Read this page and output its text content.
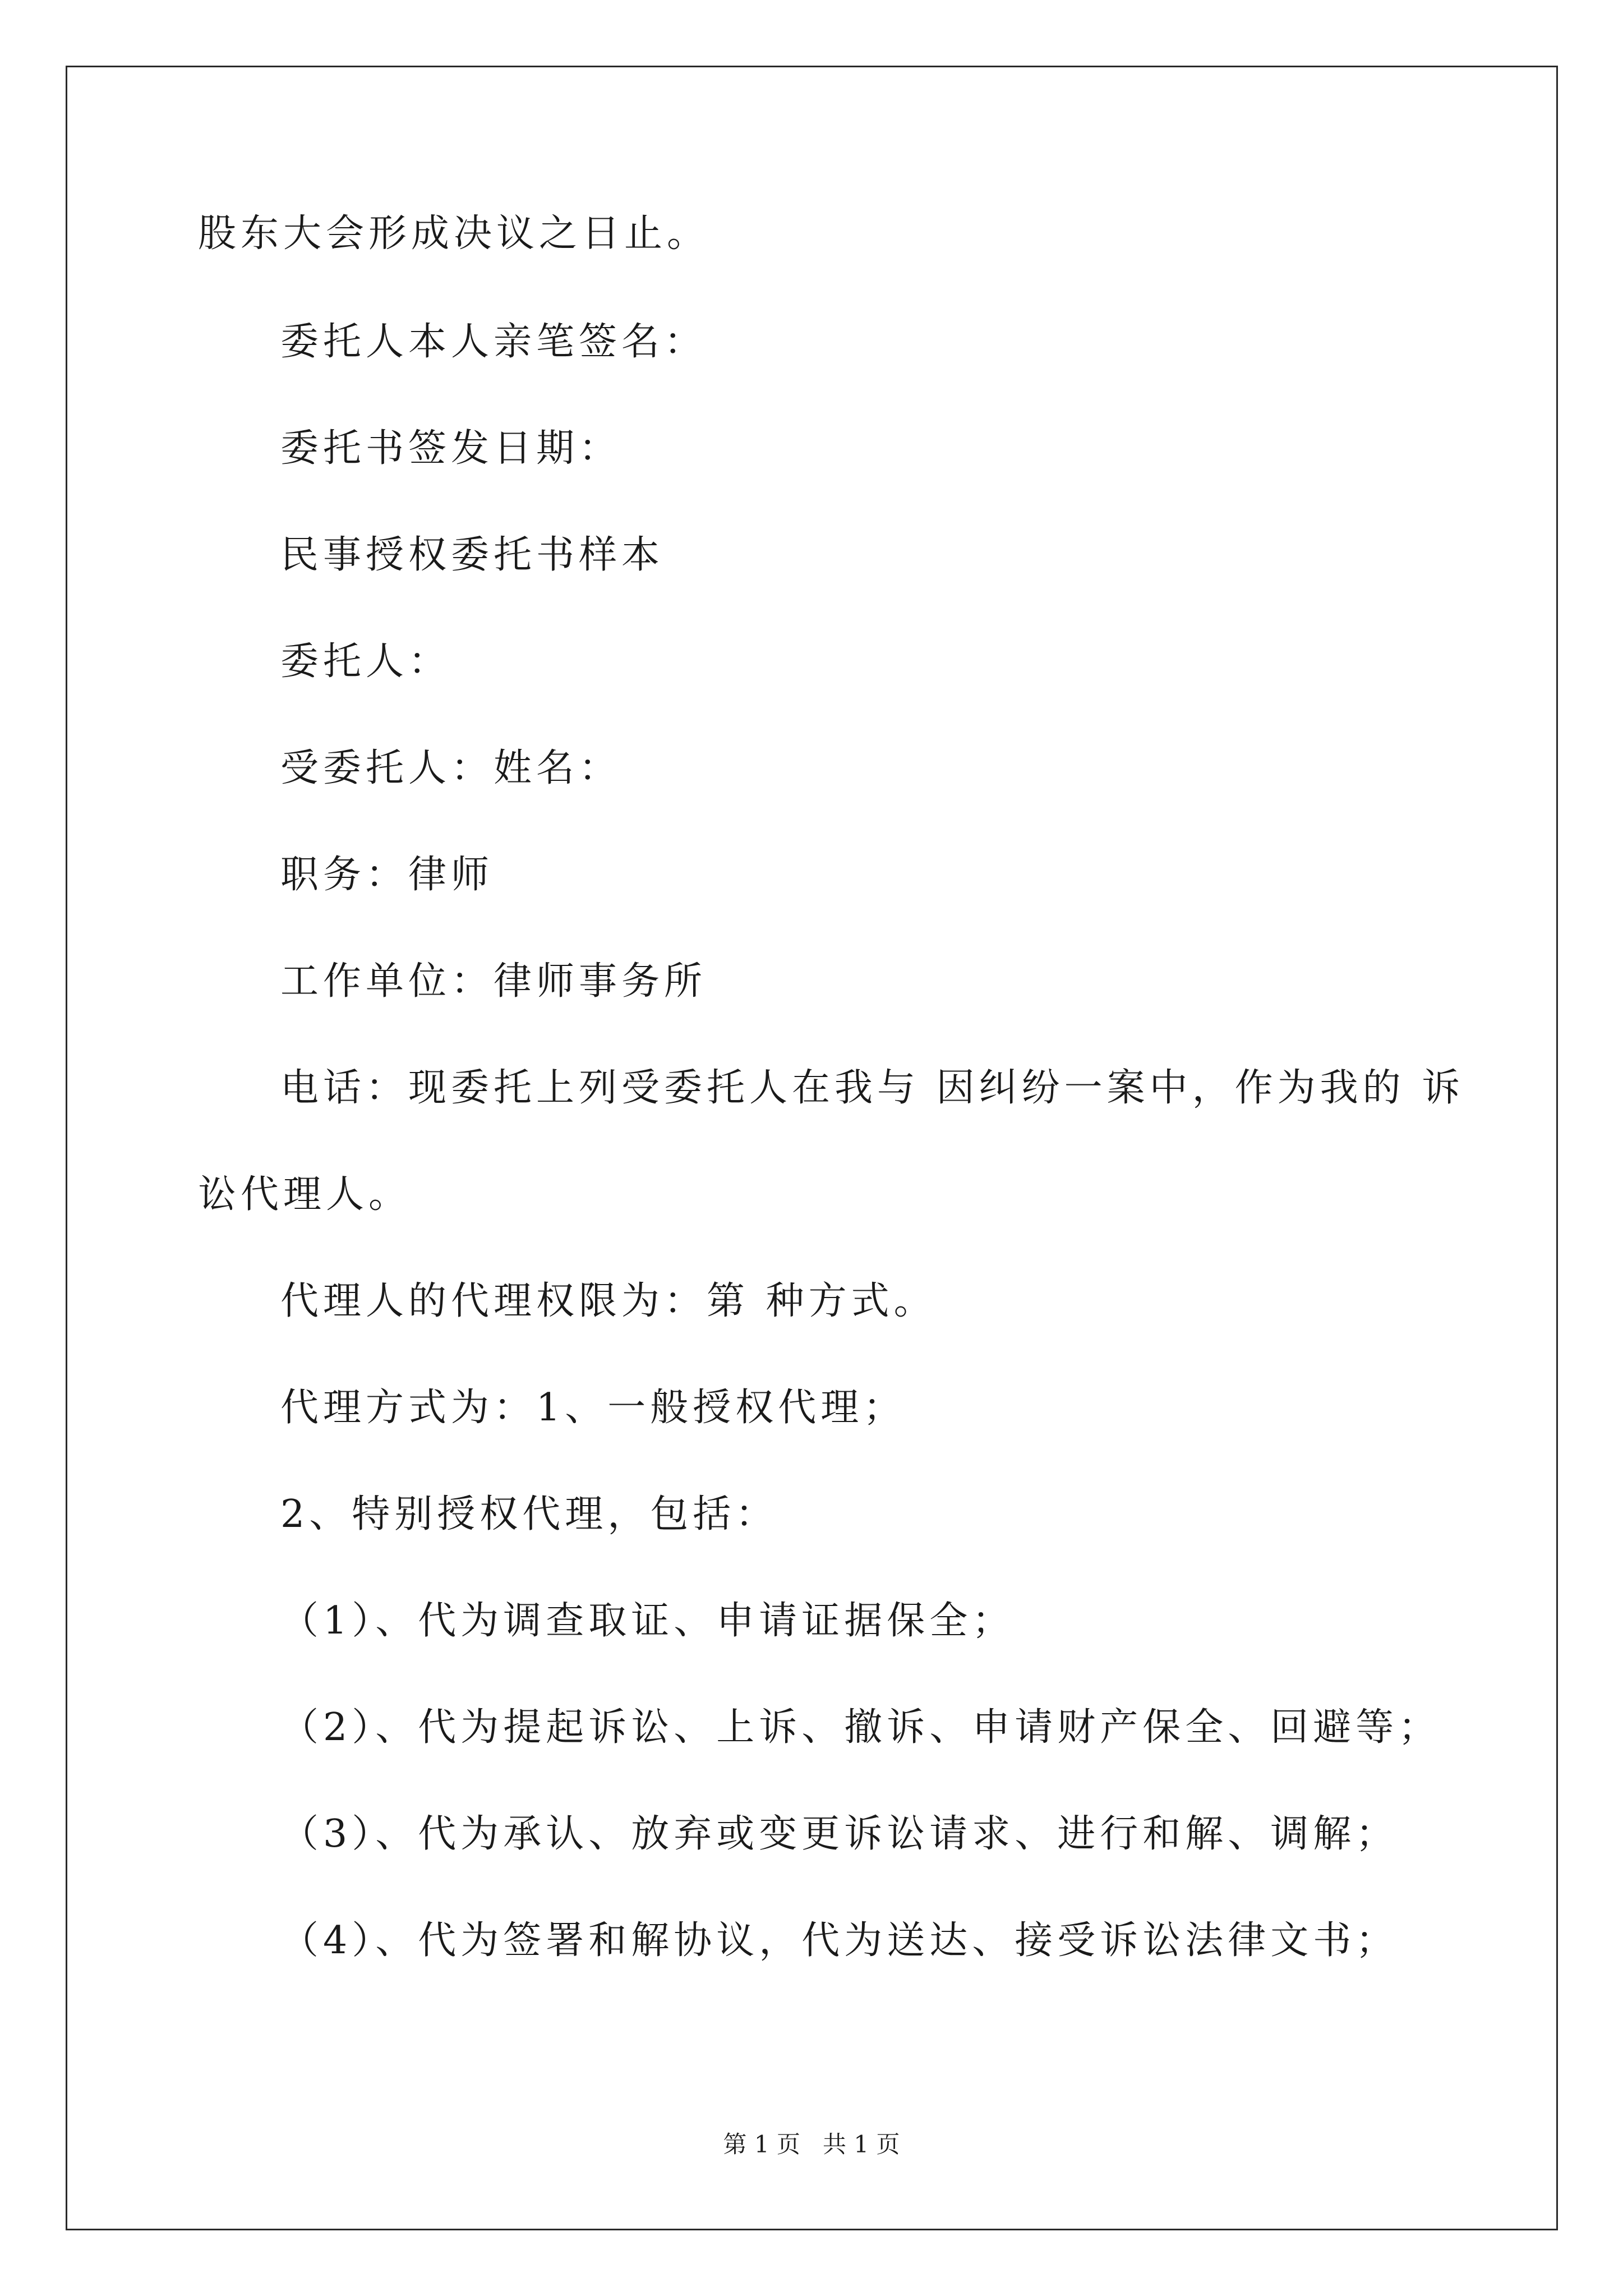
股东大会形成决议之日止。
委托人本人亲笔签名：
委托书签发日期：
民事授权委托书样本
委托人：
受委托人：姓名：
职务：律师
工作单位：律师事务所
电话：现委托上列受委托人在我与 因纠纷一案中，作为我的 诉
讼代理人。
代理人的代理权限为：第 种方式。
代理方式为：1、一般授权代理；
2、特别授权代理，包括：
（1）、代为调查取证、申请证据保全；
（2）、代为提起诉讼、上诉、撤诉、申请财产保全、回避等；
（3）、代为承认、放弃或变更诉讼请求、进行和解、调解；
（4）、代为签署和解协议，代为送达、接受诉讼法律文书；
第 1 页   共 1 页
